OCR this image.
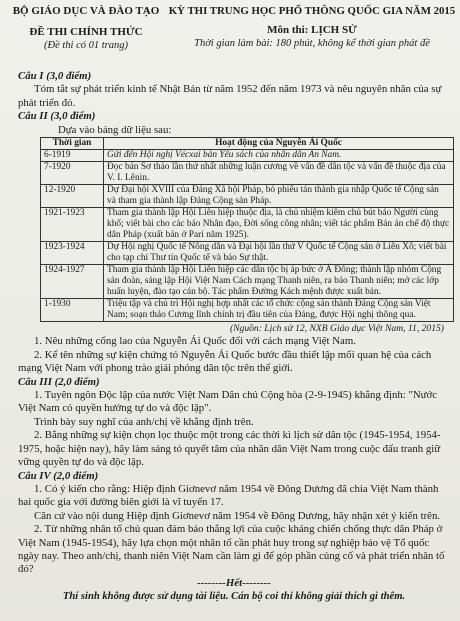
BỘ GIÁO DỤC VÀ ĐÀO TẠO
ĐỀ THI CHÍNH THỨC
(Đề thi có 01 trang)
KỲ THI TRUNG HỌC PHỔ THÔNG QUỐC GIA NĂM 2015
Môn thi: LỊCH SỬ
Thời gian làm bài: 180 phút, không kể thời gian phát đề

Câu I (3,0 điểm)

Tóm tắt sự phát triển kinh tế Nhật Bản từ năm 1952 đến năm 1973 và nêu nguyên nhân của sự phát triển đó.

Câu II (3,0 điểm)

Dựa vào bảng dữ liệu sau:

Thời gian	Hoạt động của Nguyễn Ái Quốc
6-1919	Gửi đến Hội nghị Vécxai bản Yêu sách của nhân dân An Nam.
7-1920	Đọc bản Sơ thảo lần thứ nhất những luận cương về vấn đề dân tộc và vấn đề thuộc địa của V. I. Lênin.
12-1920	Dự Đại hội XVIII của Đảng Xã hội Pháp, bỏ phiếu tán thành gia nhập Quốc tế Cộng sản và tham gia thành lập Đảng Cộng sản Pháp.
1921-1923	Tham gia thành lập Hội Liên hiệp thuộc địa, là chủ nhiệm kiêm chủ bút báo Người cùng khổ; viết bài cho các báo Nhân đạo, Đời sống công nhân; viết tác phẩm Bản án chế độ thực dân Pháp (xuất bản ở Pari năm 1925).
1923-1924	Dự Hội nghị Quốc tế Nông dân và Đại hội lần thứ V Quốc tế Cộng sản ở Liên Xô; viết bài cho tạp chí Thư tín Quốc tế và báo Sự thật.
1924-1927	Tham gia thành lập Hội Liên hiệp các dân tộc bị áp bức ở Á Đông; thành lập nhóm Cộng sản đoàn, sáng lập Hội Việt Nam Cách mạng Thanh niên, ra báo Thanh niên; mở các lớp huấn luyện, đào tạo cán bộ. Tác phẩm Đường Kách mệnh được xuất bản.
1-1930	Triệu tập và chủ trì Hội nghị hợp nhất các tổ chức cộng sản thành Đảng Cộng sản Việt Nam; soạn thảo Cương lĩnh chính trị đầu tiên của Đảng, được Hội nghị thông qua.

(Nguồn: Lịch sử 12, NXB Giáo dục Việt Nam, 11, 2015)

1. Nêu những cống lao của Nguyễn Ái Quốc đối với cách mạng Việt Nam.

2. Kể tên những sự kiện chứng tỏ Nguyễn Ái Quốc bước đầu thiết lập mối quan hệ của cách mạng Việt Nam với phong trào giải phóng dân tộc trên thế giới.

Câu III (2,0 điểm)

1. Tuyên ngôn Độc lập của nước Việt Nam Dân chủ Cộng hòa (2-9-1945) khẳng định: "Nước Việt Nam có quyền hưởng tự do và độc lập".

Trình bày suy nghĩ của anh/chị về khẳng định trên.

2. Bằng những sự kiện chọn lọc thuộc một trong các thời kì lịch sử dân tộc (1945-1954, 1954-1975, hoặc hiện nay), hãy làm sáng tỏ quyết tâm của nhân dân Việt Nam trong cuộc đấu tranh giữ vững quyền tự do và độc lập.

Câu IV (2,0 điểm)

1. Có ý kiến cho rằng: Hiệp định Giơnevơ năm 1954 về Đông Dương đã chia Việt Nam thành hai quốc gia với đường biên giới là vĩ tuyến 17.

Căn cứ vào nội dung Hiệp định Giơnevơ năm 1954 về Đông Dương, hãy nhận xét ý kiến trên.

2. Từ những nhân tố chủ quan đảm bảo thắng lợi của cuộc kháng chiến chống thực dân Pháp ở Việt Nam (1945-1954), hãy lựa chọn một nhân tố cần phát huy trong sự nghiệp bảo vệ Tổ quốc ngày nay. Theo anh/chị, thanh niên Việt Nam cần làm gì để góp phần củng cố và phát triển nhân tố đó?

--------Hết--------

Thí sinh không được sử dụng tài liệu. Cán bộ coi thi không giải thích gì thêm.
